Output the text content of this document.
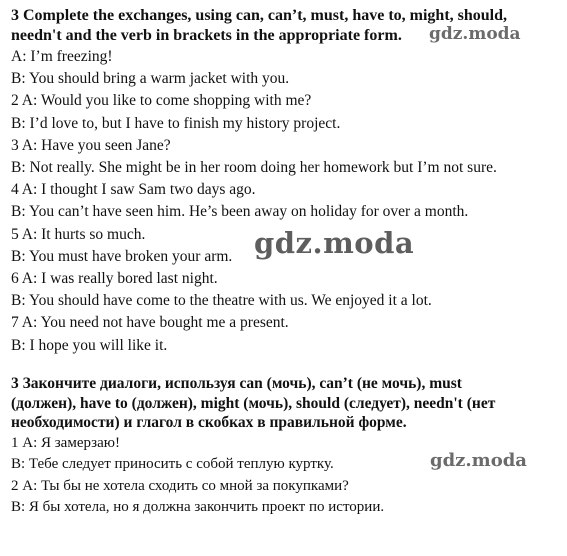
3 Complete the exchanges, using can, can’t, must, have to, might, should,

needn't and the verb in brackets in the appropriate form.

A: I’m freezing!

B: You should bring a warm jacket with you.

2 A: Would you like to come shopping with me?

B: I’d love to, but I have to finish my history project.

3 A: Have you seen Jane?

B: Not really. She might be in her room doing her homework but I’m not sure.

4 A: I thought I saw Sam two days ago.

B: You can’t have seen him. He’s been away on holiday for over a month.

5 A: It hurts so much.

B: You must have broken your arm.

6 A: I was really bored last night.

B: You should have come to the theatre with us. We enjoyed it a lot.

7 A: You need not have bought me a present.

B: I hope you will like it.

3 Закончите диалоги, используя can (мочь), can’t (не мочь), must

(должен), have to (должен), might (мочь), should (следует), needn't (нет

необходимости) и глагол в скобках в правильной форме.

1 А: Я замерзаю!

В: Тебе следует приносить с собой теплую куртку.

2 А: Ты бы не хотела сходить со мной за покупками?

В: Я бы хотела, но я должна закончить проект по истории.

gdz.moda
gdz.moda
gdz.moda
